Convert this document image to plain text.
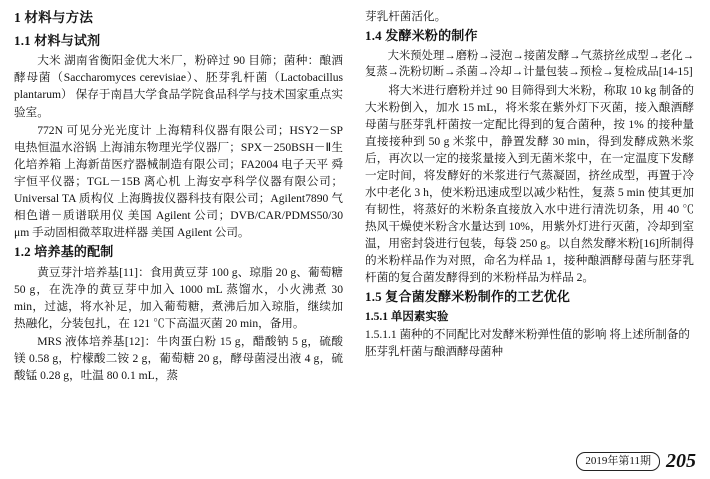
1 材料与方法
1.1 材料与试剂

大米 湖南省衡阳金优大米厂，粉碎过 90 目筛；菌种：酿酒酵母菌（Saccharomyces cerevisiae）、胚芽乳杆菌（Lactobacillus plantarum） 保存于南昌大学食品学院食品科学与技术国家重点实验室。

772N 可见分光光度计 上海精科仪器有限公司；HSY2－SP 电热恒温水浴锅 上海浦东物理光学仪器厂；SPX－250BSH－Ⅱ生化培养箱 上海新苗医疗器械制造有限公司；FA2004 电子天平 舜宇恒平仪器；TGL－15B 离心机 上海安亭科学仪器有限公司；Universal TA 质构仪 上海腾拔仪器科技有限公司；Agilent7890 气相色谱－质谱联用仪 美国 Agilent 公司；DVB/CAR/PDMS50/30 μm 手动固相微萃取进样器 美国 Agilent 公司。

1.2 培养基的配制

黄豆芽汁培养基[11]：食用黄豆芽 100 g、琼脂 20 g、葡萄糖 50 g，在洗净的黄豆芽中加入 1000 mL 蒸馏水，小火沸煮 30 min，过滤，将水补足，加入葡萄糖，煮沸后加入琼脂，继续加热融化，分装包扎，在 121 ℃下高温灭菌 20 min，备用。

MRS 液体培养基[12]：牛肉蛋白粉 15 g，醋酸钠 5 g，硫酸镁 0.58 g，柠檬酸二铵 2 g，葡萄糖 20 g，酵母菌浸出液 4 g，硫酸锰 0.28 g，吐温 80 0.1 mL，蒸

芽乳杆菌活化。

1.4 发酵米粉的制作

大米预处理→磨粉→浸泡→接菌发酵→气蒸挤丝成型→老化→复蒸→洗粉切断→杀菌→冷却→计量包装→预检→复检成品[14-15]

将大米进行磨粉并过 90 目筛得到大米粉，称取 10 kg 制备的大米粉倒入，加水 15 mL，将米浆在紫外灯下灭菌，接入酿酒酵母菌与胚芽乳杆菌按一定配比得到的复合菌种，按 1% 的接种量直接接种到 50 g 米浆中，静置发酵 30 min，得到发酵成熟米浆后，再次以一定的接浆量接入到无菌米浆中，在一定温度下发酵一定时间，将发酵好的米浆进行气蒸凝固，挤丝成型，再置于冷水中老化 3 h，使米粉迅速成型以减少粘性，复蒸 5 min 使其更加有韧性，将蒸好的米粉条直接放入水中进行清洗切条，用 40 ℃热风干燥使米粉含水量达到 10%，用紫外灯进行灭菌，冷却到室温，用密封袋进行包装，每袋 250 g。以自然发酵米粉[16]所制得的米粉样品作为对照，命名为样品 1，接种酿酒酵母菌与胚芽乳杆菌的复合菌发酵得到的米粉样品为样品 2。

1.5 复合菌发酵米粉制作的工艺优化
1.5.1 单因素实验
1.5.1.1 菌种的不同配比对发酵米粉弹性值的影响 将上述所制备的胚芽乳杆菌与酿酒酵母菌种
2019年第11期 205
